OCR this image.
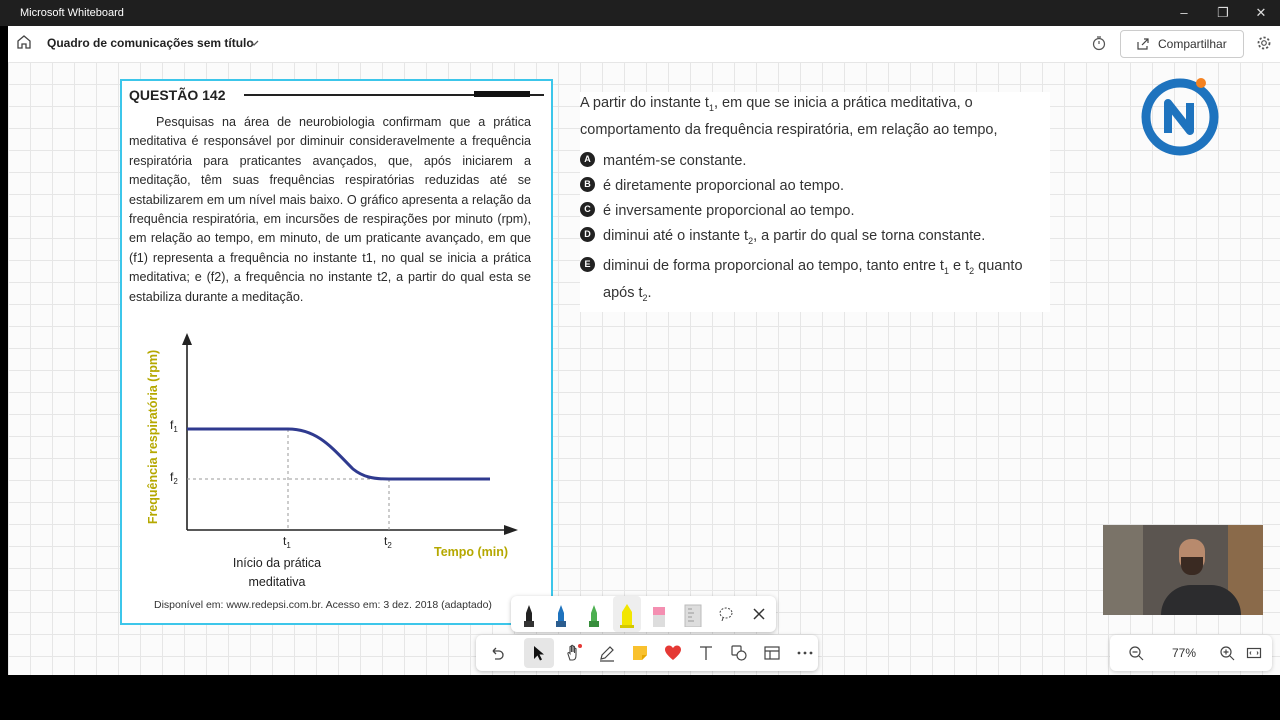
Microsoft Whiteboard	–	❐	✕
Quadro de comunicações sem título	Compartilhar
QUESTÃO 142
Pesquisas na área de neurobiologia confirmam que a prática meditativa é responsável por diminuir consideravelmente a frequência respiratória para praticantes avançados, que, após iniciarem a meditação, têm suas frequências respiratórias reduzidas até se estabilizarem em um nível mais baixo. O gráfico apresenta a relação da frequência respiratória, em incursões de respirações por minuto (rpm), em relação ao tempo, em minuto, de um praticante avançado, em que (f1) representa a frequência no instante t1, no qual se inicia a prática meditativa; e (f2), a frequência no instante t2, a partir do qual esta se estabiliza durante a meditação.
$f_1$
$f_2$
$t_1$	$t_2$	Tempo (min)
Frequência respiratória (rpm)
Início da prática
meditativa
Disponível em: www.redepsi.com.br. Acesso em: 3 dez. 2018 (adaptado)
A partir do instante $t_1$, em que se inicia a prática meditativa, o comportamento da frequência respiratória, em relação ao tempo,
A mantém-se constante.
B é diretamente proporcional ao tempo.
C é inversamente proporcional ao tempo.
D diminui até o instante $t_2$, a partir do qual se torna constante.
E diminui de forma proporcional ao tempo, tanto entre $t_1$ e $t_2$ quanto após $t_2$.
77%
